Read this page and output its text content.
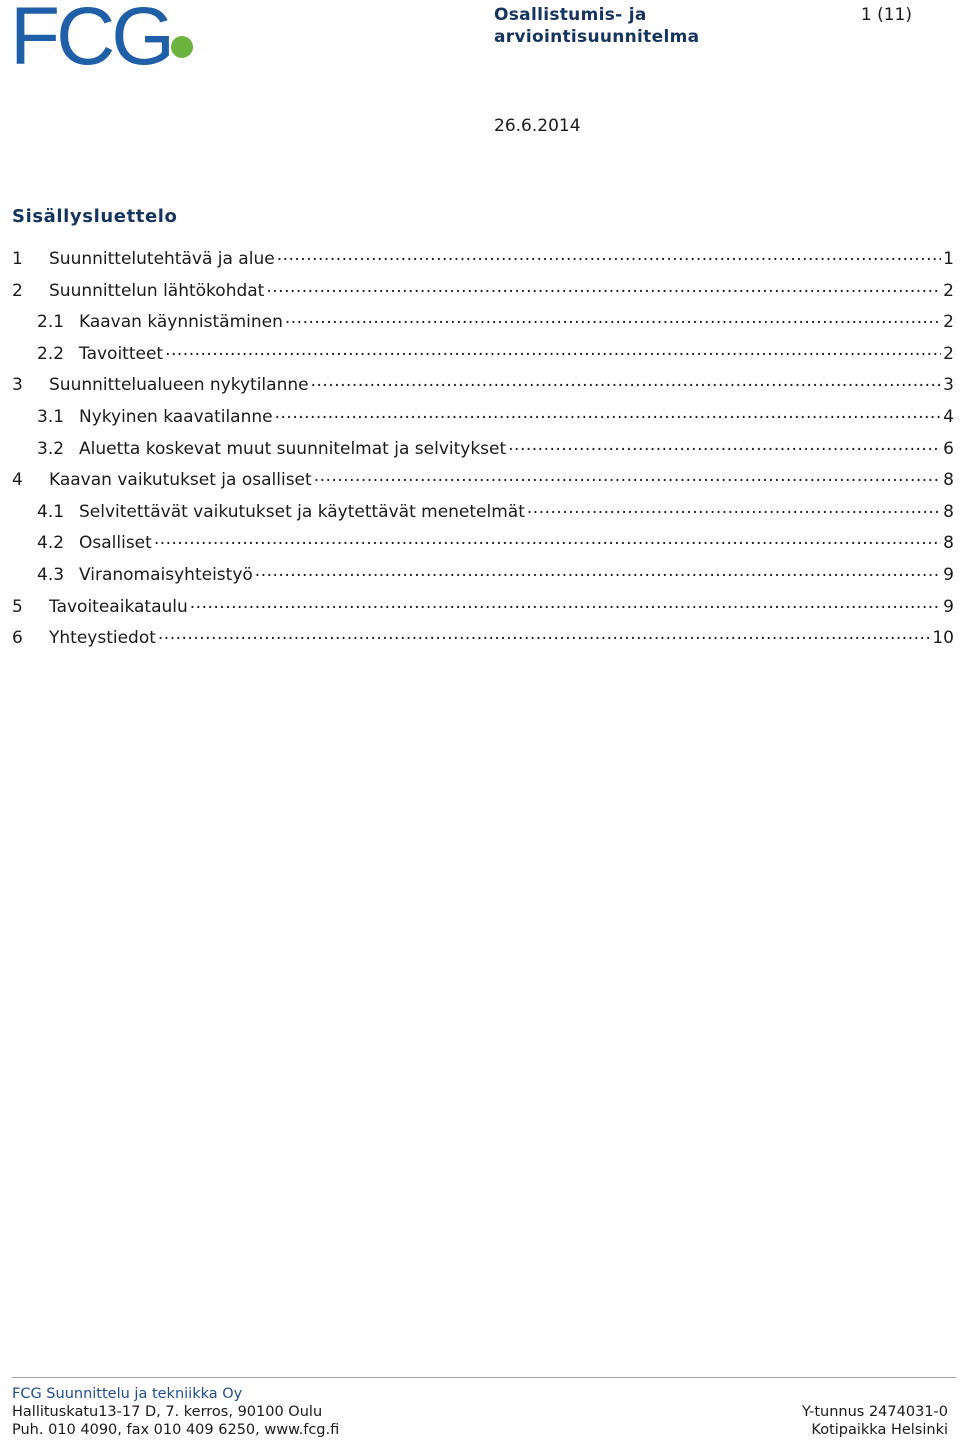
FCG	Osallistumis- ja arviointisuunnitelma
1 (11)
26.6.2014
Sisällysluettelo
1	Suunnittelutehtävä ja alue .....	1
2	Suunnittelun lähtökohdat .....	2
2.1 Kaavan käynnistäminen .....	2
2.2 Tavoitteet .....	2
3	Suunnittelualueen nykytilanne .....	3
3.1 Nykyinen kaavatilanne .....	4
3.2 Aluetta koskevat muut suunnitelmat ja selvitykset .....	6
4	Kaavan vaikutukset ja osalliset .....	8
4.1 Selvitettävät vaikutukset ja käytettävät menetelmät .....	8
4.2 Osalliset .....	8
4.3 Viranomaisyhteistyö .....	9
5	Tavoiteaikataulu .....	9
6	Yhteystiedot .....	10
FCG Suunnittelu ja tekniikka Oy
Hallituskatu13-17 D, 7. kerros, 90100 Oulu	Y-tunnus 2474031-0
Puh. 010 4090, fax 010 409 6250, www.fcg.fi	Kotipaikka Helsinki
